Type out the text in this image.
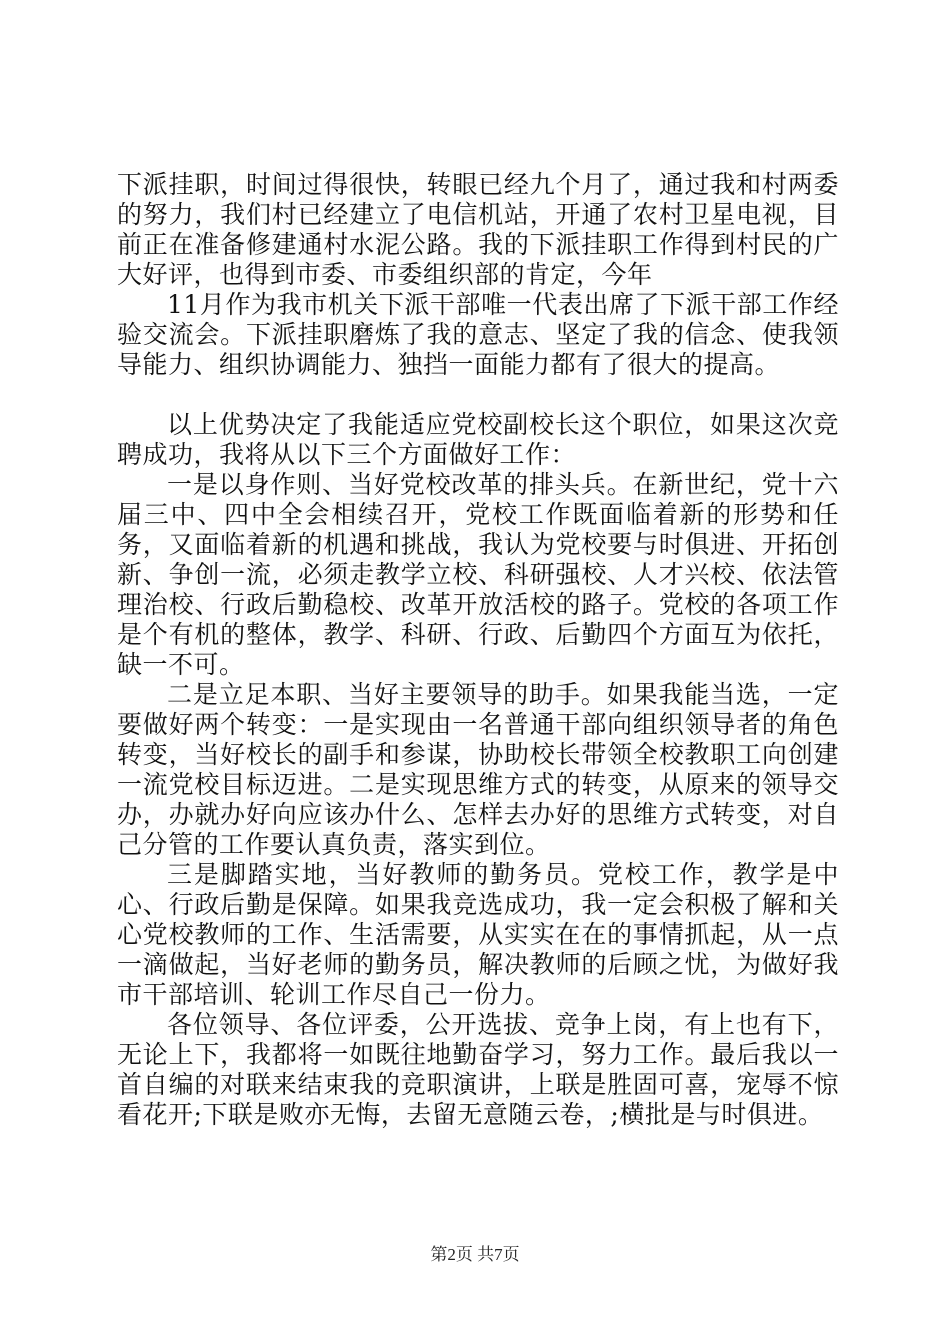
下派挂职，时间过得很快，转眼已经九个月了，通过我和村两委的努力，我们村已经建立了电信机站，开通了农村卫星电视，目前正在准备修建通村水泥公路。我的下派挂职工作得到村民的广大好评，也得到市委、市委组织部的肯定，今年

11月作为我市机关下派干部唯一代表出席了下派干部工作经验交流会。下派挂职磨炼了我的意志、坚定了我的信念、使我领导能力、组织协调能力、独挡一面能力都有了很大的提高。

以上优势决定了我能适应党校副校长这个职位，如果这次竞聘成功，我将从以下三个方面做好工作：

一是以身作则、当好党校改革的排头兵。在新世纪，党十六届三中、四中全会相续召开，党校工作既面临着新的形势和任务，又面临着新的机遇和挑战，我认为党校要与时俱进、开拓创新、争创一流，必须走教学立校、科研强校、人才兴校、依法管理治校、行政后勤稳校、改革开放活校的路子。党校的各项工作是个有机的整体，教学、科研、行政、后勤四个方面互为依托，缺一不可。

二是立足本职、当好主要领导的助手。如果我能当选，一定要做好两个转变：一是实现由一名普通干部向组织领导者的角色转变，当好校长的副手和参谋，协助校长带领全校教职工向创建一流党校目标迈进。二是实现思维方式的转变，从原来的领导交办，办就办好向应该办什么、怎样去办好的思维方式转变，对自己分管的工作要认真负责，落实到位。

三是脚踏实地，当好教师的勤务员。党校工作，教学是中心、行政后勤是保障。如果我竞选成功，我一定会积极了解和关心党校教师的工作、生活需要，从实实在在的事情抓起，从一点一滴做起，当好老师的勤务员，解决教师的后顾之忧，为做好我市干部培训、轮训工作尽自己一份力。

各位领导、各位评委，公开选拔、竞争上岗，有上也有下，无论上下，我都将一如既往地勤奋学习，努力工作。最后我以一首自编的对联来结束我的竞职演讲，上联是胜固可喜，宠辱不惊看花开;下联是败亦无悔，去留无意随云卷，;横批是与时俱进。

第2页 共7页
